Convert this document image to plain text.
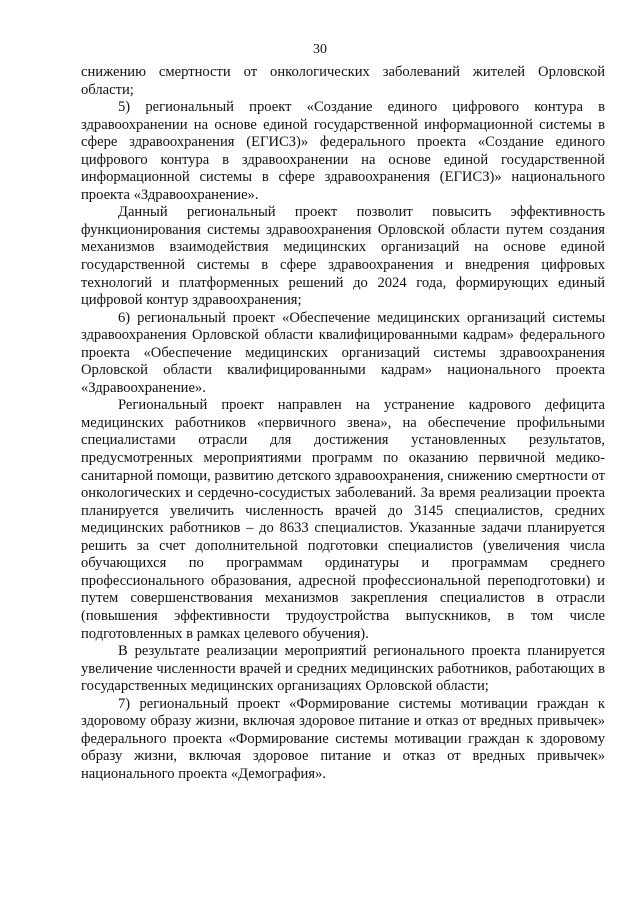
30

снижению смертности от онкологических заболеваний жителей Орловской области;

5) региональный проект «Создание единого цифрового контура в здравоохранении на основе единой государственной информационной системы в сфере здравоохранения (ЕГИСЗ)» федерального проекта «Создание единого цифрового контура в здравоохранении на основе единой государственной информационной системы в сфере здравоохранения (ЕГИСЗ)» национального проекта «Здравоохранение».

Данный региональный проект позволит повысить эффективность функционирования системы здравоохранения Орловской области путем создания механизмов взаимодействия медицинских организаций на основе единой государственной системы в сфере здравоохранения и внедрения цифровых технологий и платформенных решений до 2024 года, формирующих единый цифровой контур здравоохранения;

6) региональный проект «Обеспечение медицинских организаций системы здравоохранения Орловской области квалифицированными кадрам» федерального проекта «Обеспечение медицинских организаций системы здравоохранения Орловской области квалифицированными кадрам» национального проекта «Здравоохранение».

Региональный проект направлен на устранение кадрового дефицита медицинских работников «первичного звена», на обеспечение профильными специалистами отрасли для достижения установленных результатов, предусмотренных мероприятиями программ по оказанию первичной медико-санитарной помощи, развитию детского здравоохранения, снижению смертности от онкологических и сердечно-сосудистых заболеваний. За время реализации проекта планируется увеличить численность врачей до 3145 специалистов, средних медицинских работников – до 8633 специалистов. Указанные задачи планируется решить за счет дополнительной подготовки специалистов (увеличения числа обучающихся по программам ординатуры и программам среднего профессионального образования, адресной профессиональной переподготовки) и путем совершенствования механизмов закрепления специалистов в отрасли (повышения эффективности трудоустройства выпускников, в том числе подготовленных в рамках целевого обучения).

В результате реализации мероприятий регионального проекта планируется увеличение численности врачей и средних медицинских работников, работающих в государственных медицинских организациях Орловской области;

7) региональный проект «Формирование системы мотивации граждан к здоровому образу жизни, включая здоровое питание и отказ от вредных привычек» федерального проекта «Формирование системы мотивации граждан к здоровому образу жизни, включая здоровое питание и отказ от вредных привычек» национального проекта «Демография».
